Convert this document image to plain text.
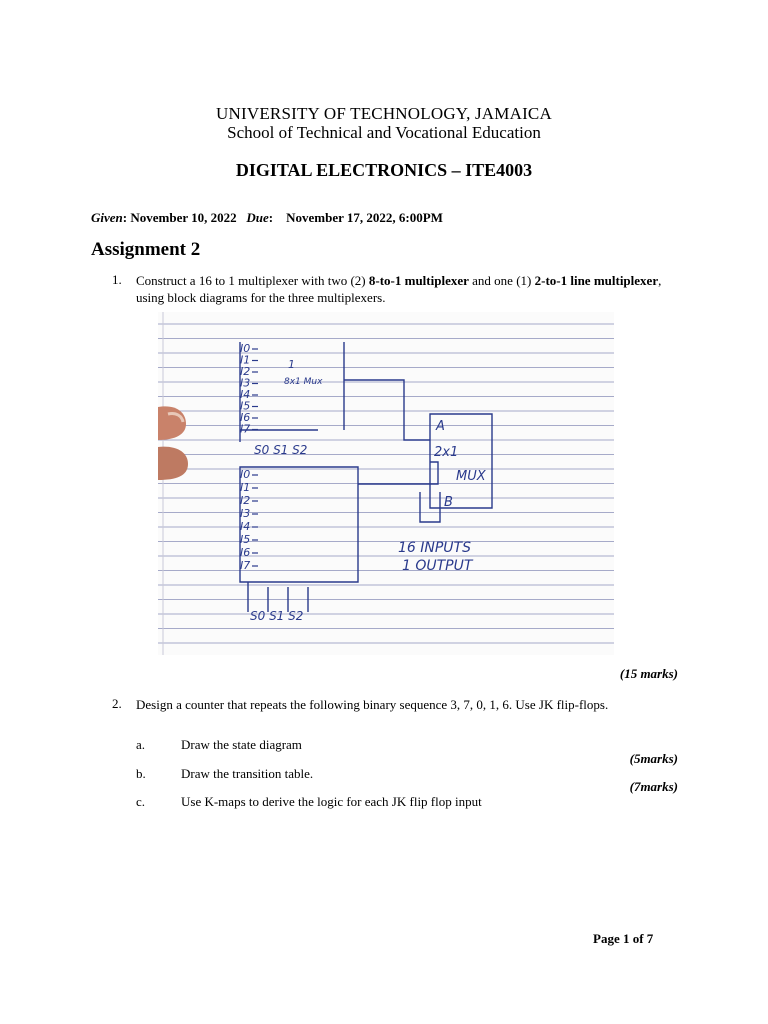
UNIVERSITY OF TECHNOLOGY, JAMAICA
School of Technical and Vocational Education
DIGITAL ELECTRONICS – ITE4003
Given: November 10, 2022 Due:    November 17, 2022, 6:00PM
Assignment 2
1. Construct a 16 to 1 multiplexer with two (2) 8-to-1 multiplexer and one (1) 2-to-1 line multiplexer, using block diagrams for the three multiplexers.
I0
I1
I2
I3
I4
I5
I6
I7
I0
I1
I2
I3
I4
I5
I6
I7
1
8x1 Mux
S0 S1 S2
S0 S1 S2
A
2x1
MUX
B
16 INPUTS
1 OUTPUT
(15 marks)
2. Design a counter that repeats the following binary sequence 3, 7, 0, 1, 6. Use JK flip-flops.
a.	Draw the state diagram
(5marks)
b.	Draw the transition table.
(7marks)
c.	Use K-maps to derive the logic for each JK flip flop input
Page 1 of 7
